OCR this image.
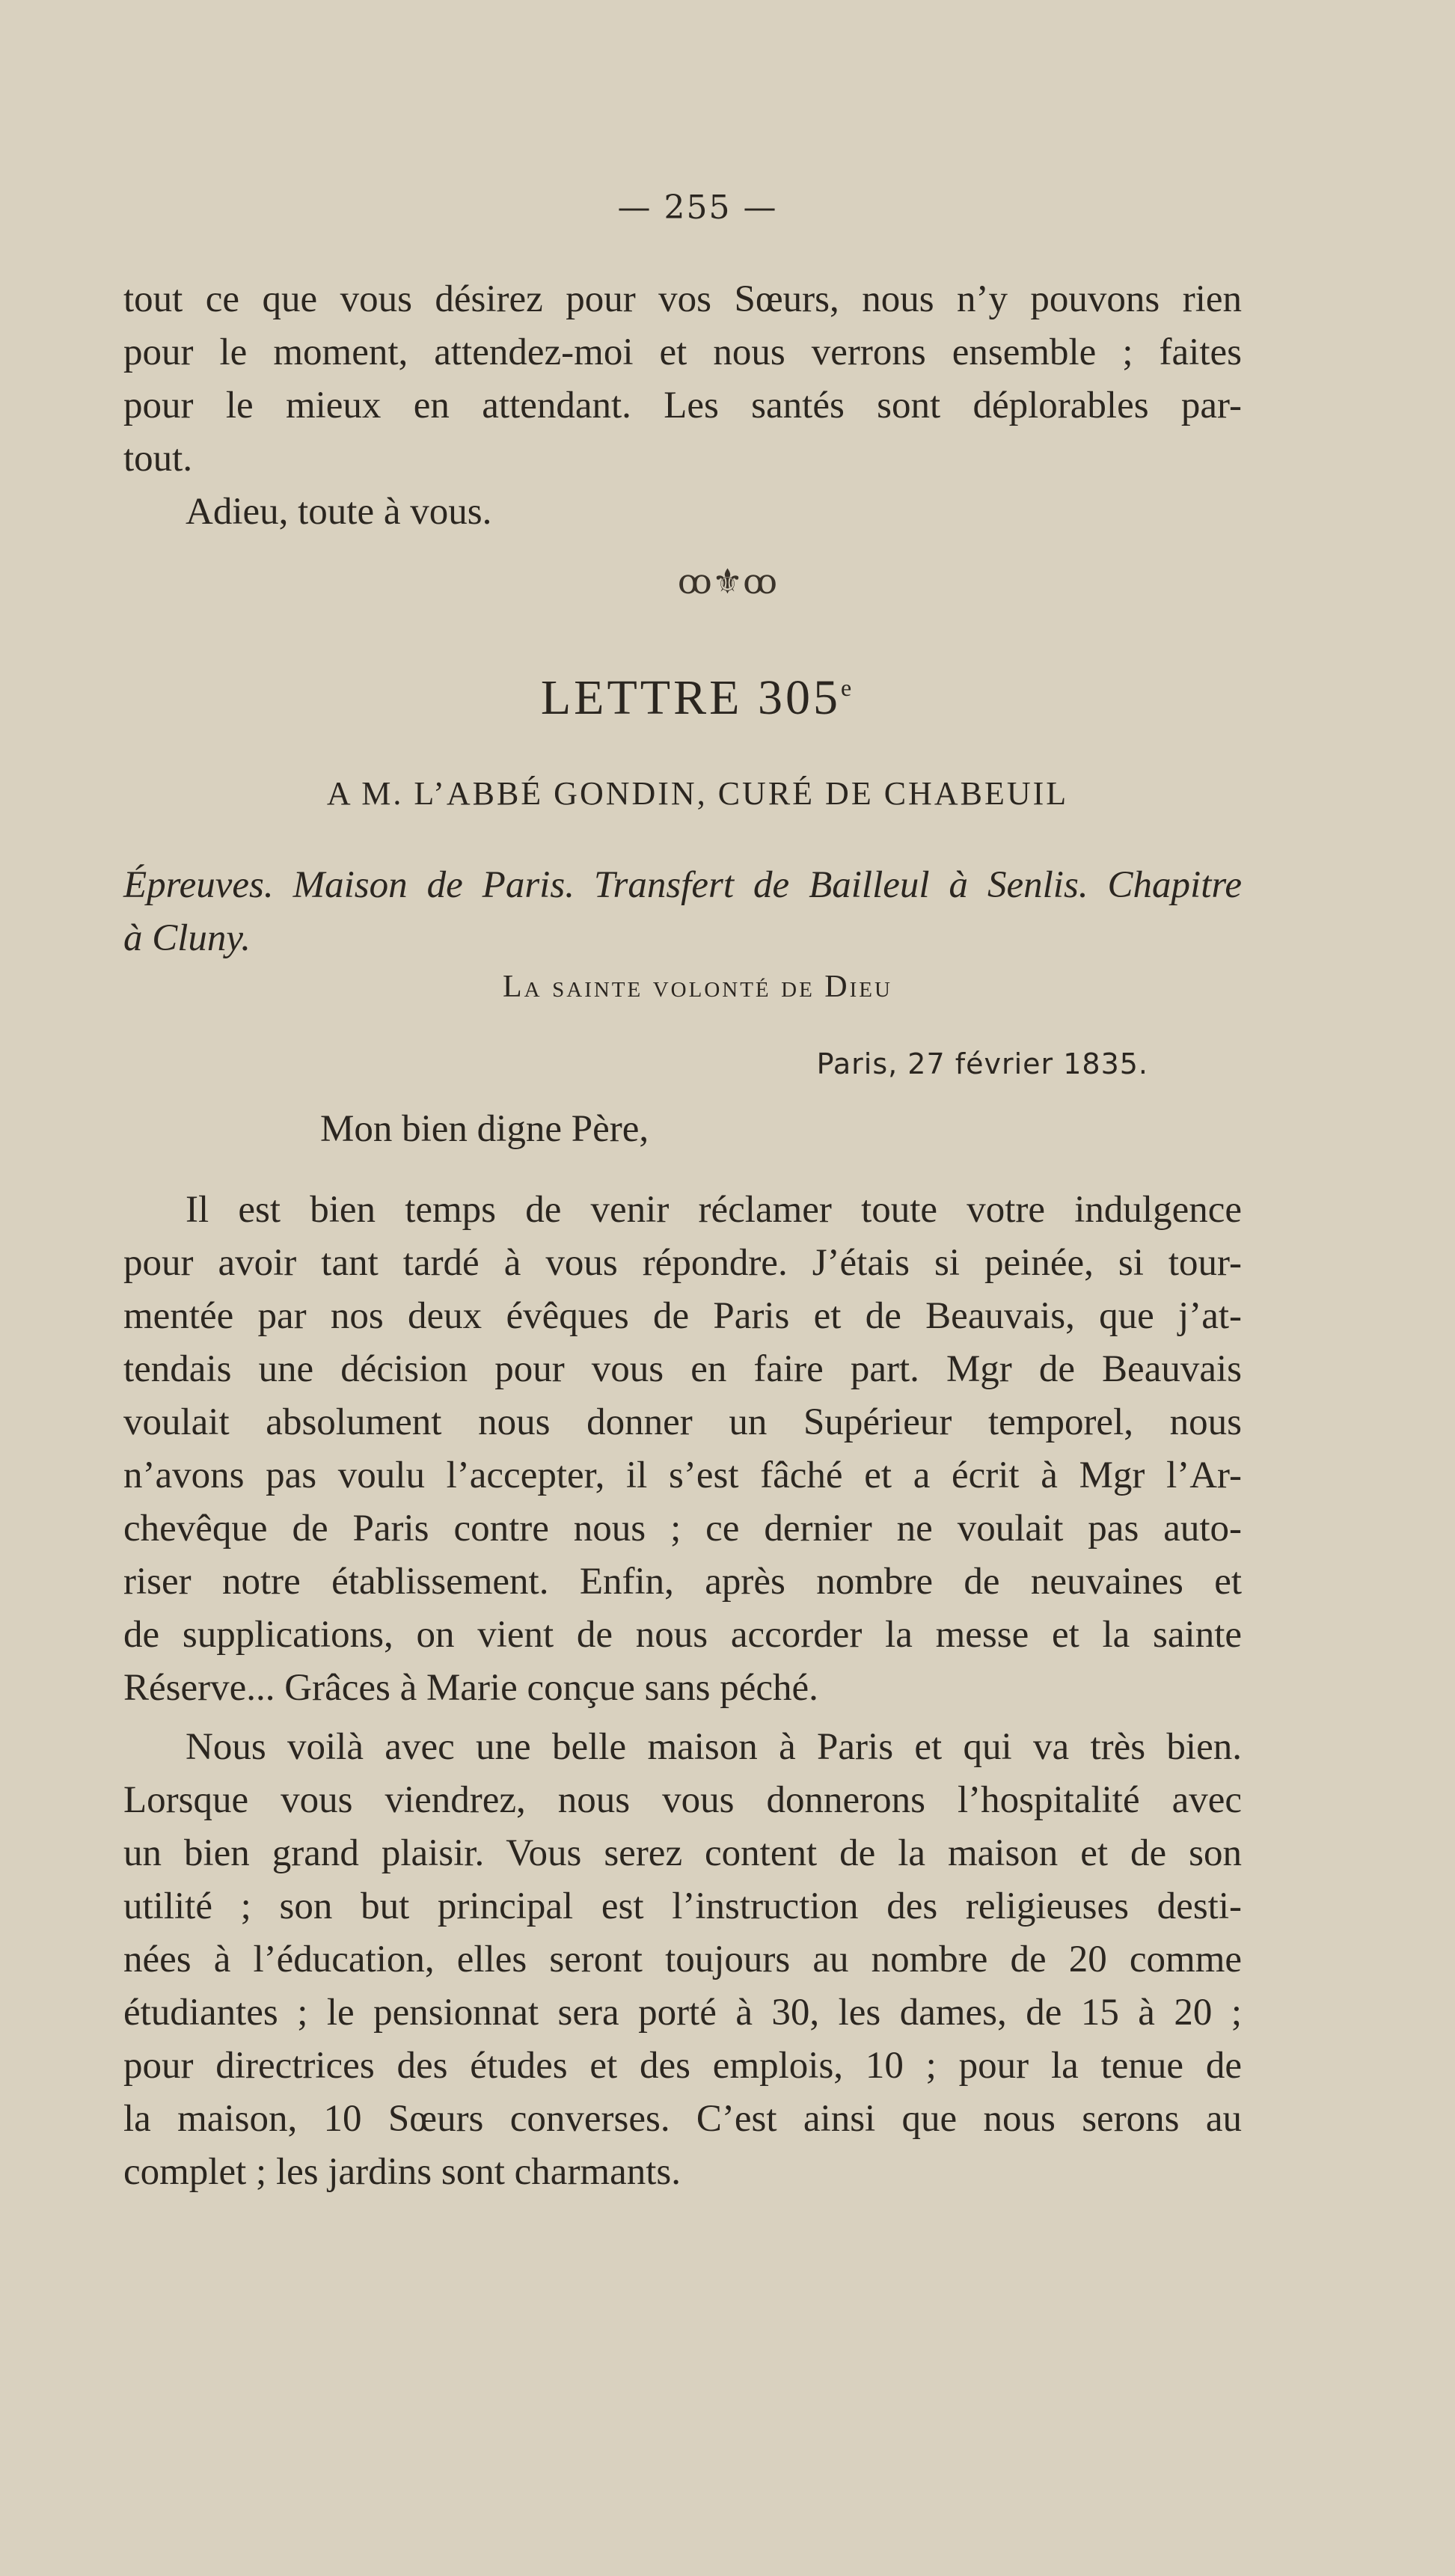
— 255 —
tout ce que vous désirez pour vos Sœurs, nous n’y pouvons rien
pour le moment, attendez-moi et nous verrons ensemble ; faites
pour le mieux en attendant. Les santés sont déplorables par-
tout.
Adieu, toute à vous.
ꝏ⚜ꝏ
LETTRE 305e
A M. L’ABBÉ GONDIN, CURÉ DE CHABEUIL
Épreuves. Maison de Paris. Transfert de Bailleul à Senlis. Chapitre
à Cluny.
La sainte volonté de Dieu
Paris, 27 février 1835.
Mon bien digne Père,
Il est bien temps de venir réclamer toute votre indulgence
pour avoir tant tardé à vous répondre. J’étais si peinée, si tour-
mentée par nos deux évêques de Paris et de Beauvais, que j’at-
tendais une décision pour vous en faire part. Mgr de Beauvais
voulait absolument nous donner un Supérieur temporel, nous
n’avons pas voulu l’accepter, il s’est fâché et a écrit à Mgr l’Ar-
chevêque de Paris contre nous ; ce dernier ne voulait pas auto-
riser notre établissement. Enfin, après nombre de neuvaines et
de supplications, on vient de nous accorder la messe et la sainte
Réserve... Grâces à Marie conçue sans péché.
Nous voilà avec une belle maison à Paris et qui va très bien.
Lorsque vous viendrez, nous vous donnerons l’hospitalité avec
un bien grand plaisir. Vous serez content de la maison et de son
utilité ; son but principal est l’instruction des religieuses desti-
nées à l’éducation, elles seront toujours au nombre de 20 comme
étudiantes ; le pensionnat sera porté à 30, les dames, de 15 à 20 ;
pour directrices des études et des emplois, 10 ; pour la tenue de
la maison, 10 Sœurs converses. C’est ainsi que nous serons au
complet ; les jardins sont charmants.
